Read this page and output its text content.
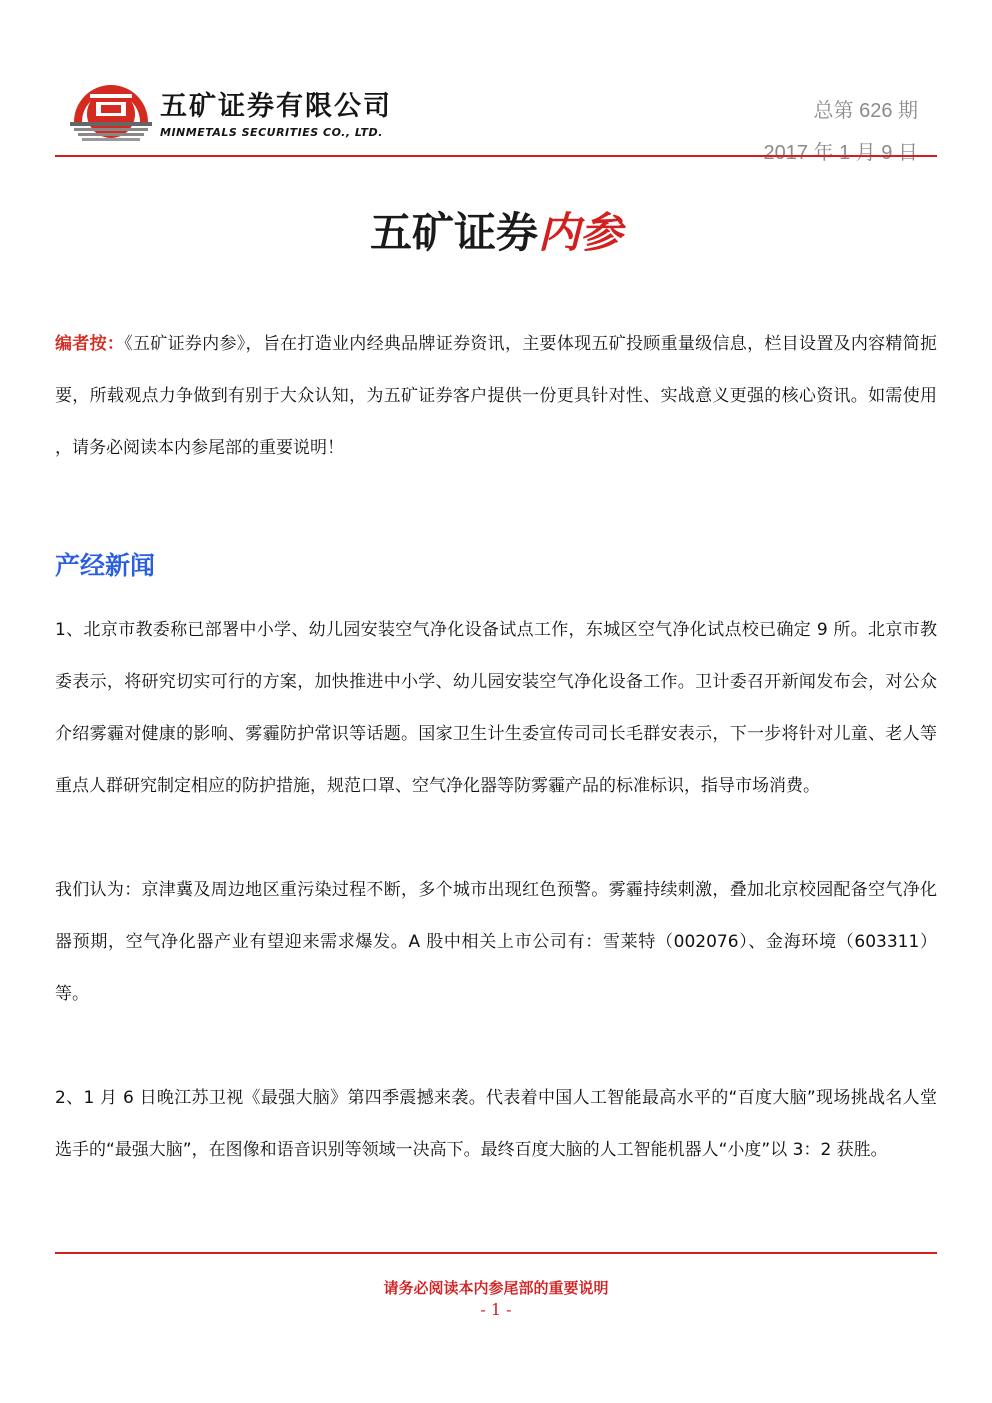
五矿证券有限公司
MINMETALS SECURITIES CO., LTD.
总第 626 期
2017 年 1 月 9 日
五矿证券内参
编者按：《五矿证券内参》，旨在打造业内经典品牌证券资讯，主要体现五矿投顾重量级信息，栏目设置及内容精简扼要，所载观点力争做到有别于大众认知，为五矿证券客户提供一份更具针对性、实战意义更强的核心资讯。如需使用 ，请务必阅读本内参尾部的重要说明！
产经新闻
1、北京市教委称已部署中小学、幼儿园安装空气净化设备试点工作，东城区空气净化试点校已确定 9 所。北京市教委表示，将研究切实可行的方案，加快推进中小学、幼儿园安装空气净化设备工作。卫计委召开新闻发布会，对公众介绍雾霾对健康的影响、雾霾防护常识等话题。国家卫生计生委宣传司司长毛群安表示，下一步将针对儿童、老人等重点人群研究制定相应的防护措施，规范口罩、空气净化器等防雾霾产品的标准标识，指导市场消费。
我们认为：京津冀及周边地区重污染过程不断，多个城市出现红色预警。雾霾持续刺激，叠加北京校园配备空气净化器预期，空气净化器产业有望迎来需求爆发。A 股中相关上市公司有：雪莱特（002076）、金海环境（603311）等。
2、1 月 6 日晚江苏卫视《最强大脑》第四季震撼来袭。代表着中国人工智能最高水平的“百度大脑”现场挑战名人堂选手的“最强大脑”，在图像和语音识别等领域一决高下。最终百度大脑的人工智能机器人“小度”以 3：2 获胜。
请务必阅读本内参尾部的重要说明
- 1 -
